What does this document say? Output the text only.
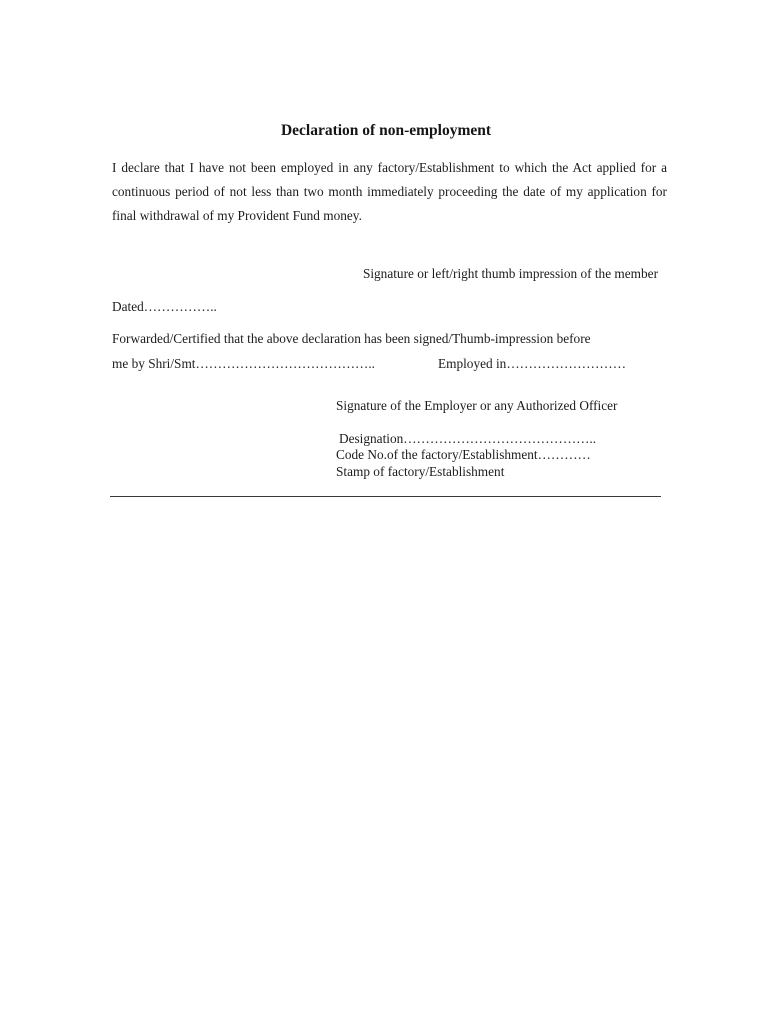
Declaration of non-employment
I declare that I have not been employed in any factory/Establishment to which the Act applied for a continuous period of not less than two month immediately proceeding the date of my application for final withdrawal of my Provident Fund money.
Signature or left/right thumb impression of the member
Dated……………..
Forwarded/Certified that the above declaration has been signed/Thumb-impression before
me by Shri/Smt…………………………………..	Employed in………………………
Signature of the Employer or any Authorized Officer
Designation……………………………………..
Code No.of the factory/Establishment…………
Stamp of factory/Establishment
